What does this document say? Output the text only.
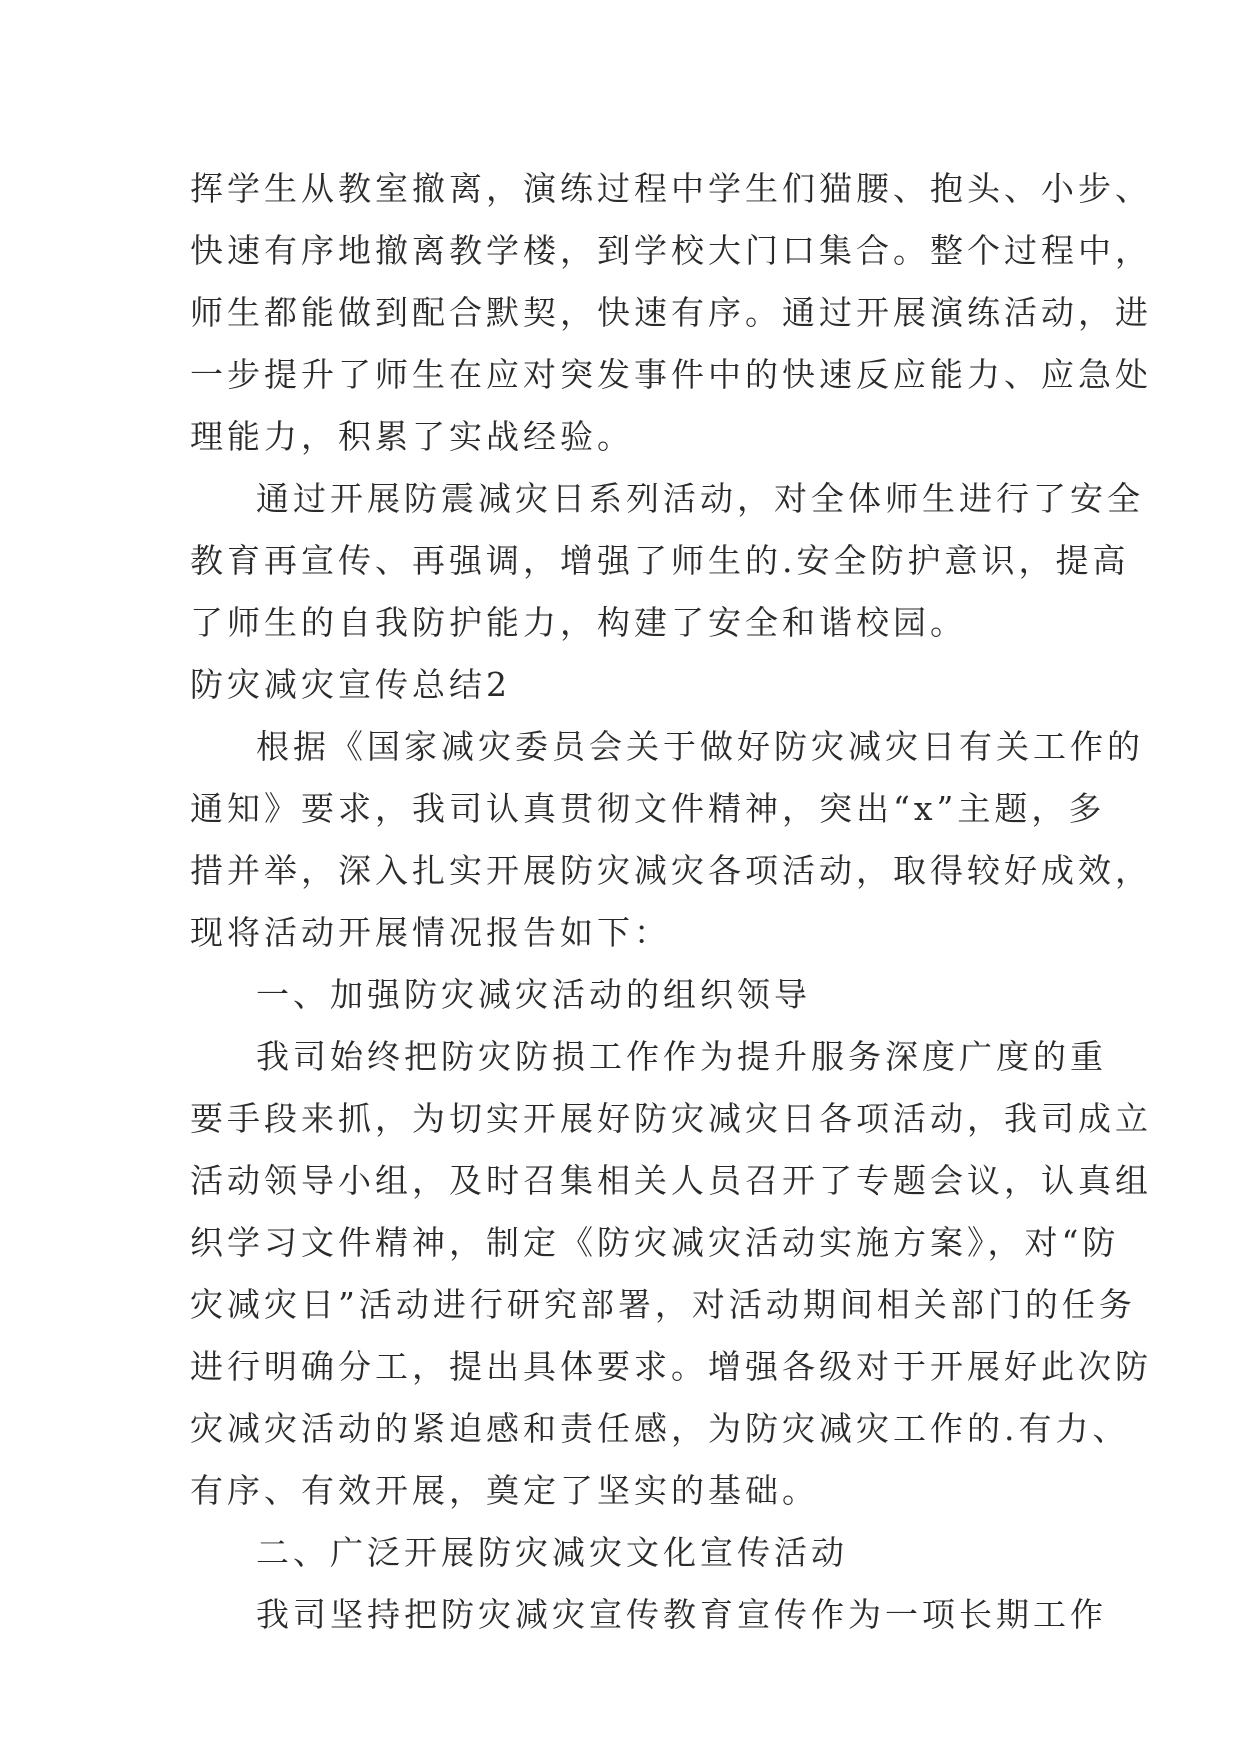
挥学生从教室撤离，演练过程中学生们猫腰、抱头、小步、
快速有序地撤离教学楼，到学校大门口集合。整个过程中，
师生都能做到配合默契，快速有序。通过开展演练活动，进
一步提升了师生在应对突发事件中的快速反应能力、应急处
理能力，积累了实战经验。
通过开展防震减灾日系列活动，对全体师生进行了安全
教育再宣传、再强调，增强了师生的.安全防护意识，提高
了师生的自我防护能力，构建了安全和谐校园。
防灾减灾宣传总结2
根据《国家减灾委员会关于做好防灾减灾日有关工作的
通知》要求，我司认真贯彻文件精神，突出“x”主题，多
措并举，深入扎实开展防灾减灾各项活动，取得较好成效，
现将活动开展情况报告如下：
一、加强防灾减灾活动的组织领导
我司始终把防灾防损工作作为提升服务深度广度的重
要手段来抓，为切实开展好防灾减灾日各项活动，我司成立
活动领导小组，及时召集相关人员召开了专题会议，认真组
织学习文件精神，制定《防灾减灾活动实施方案》，对“防
灾减灾日”活动进行研究部署，对活动期间相关部门的任务
进行明确分工，提出具体要求。增强各级对于开展好此次防
灾减灾活动的紧迫感和责任感，为防灾减灾工作的.有力、
有序、有效开展，奠定了坚实的基础。
二、广泛开展防灾减灾文化宣传活动
我司坚持把防灾减灾宣传教育宣传作为一项长期工作
